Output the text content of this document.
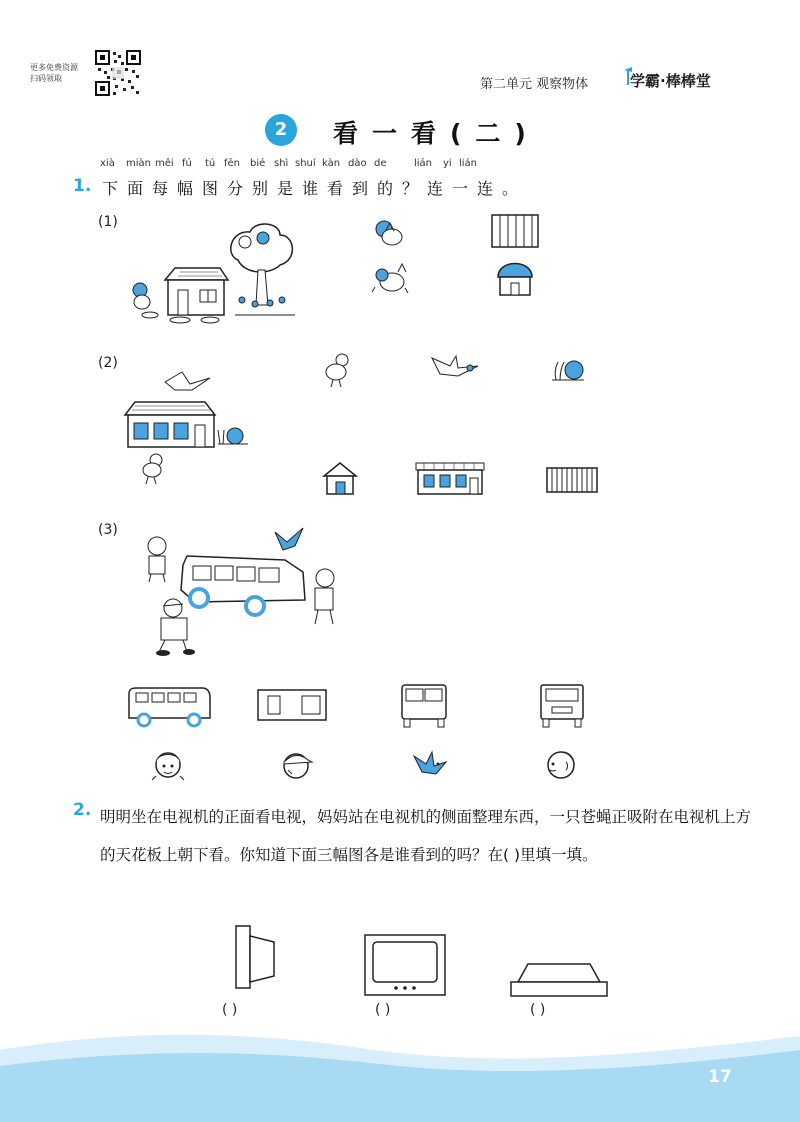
更多免费资源
扫码领取	第二单元 观察物体	学霸·棒棒堂
2	看一看(二)
xià miàn měi fú tú fēn bié shì shuí kàn dào de	lián yi lián
1. 下面每幅图分别是谁看到的？连一连。
(1)
(2)
(3)
2. 明明坐在电视机的正面看电视，妈妈站在电视机的侧面整理东西，一只苍蝇正吸附在电视机上方的天花板上朝下看。你知道下面三幅图各是谁看到的吗？在( )里填一填。
( )	( )	( )
17
